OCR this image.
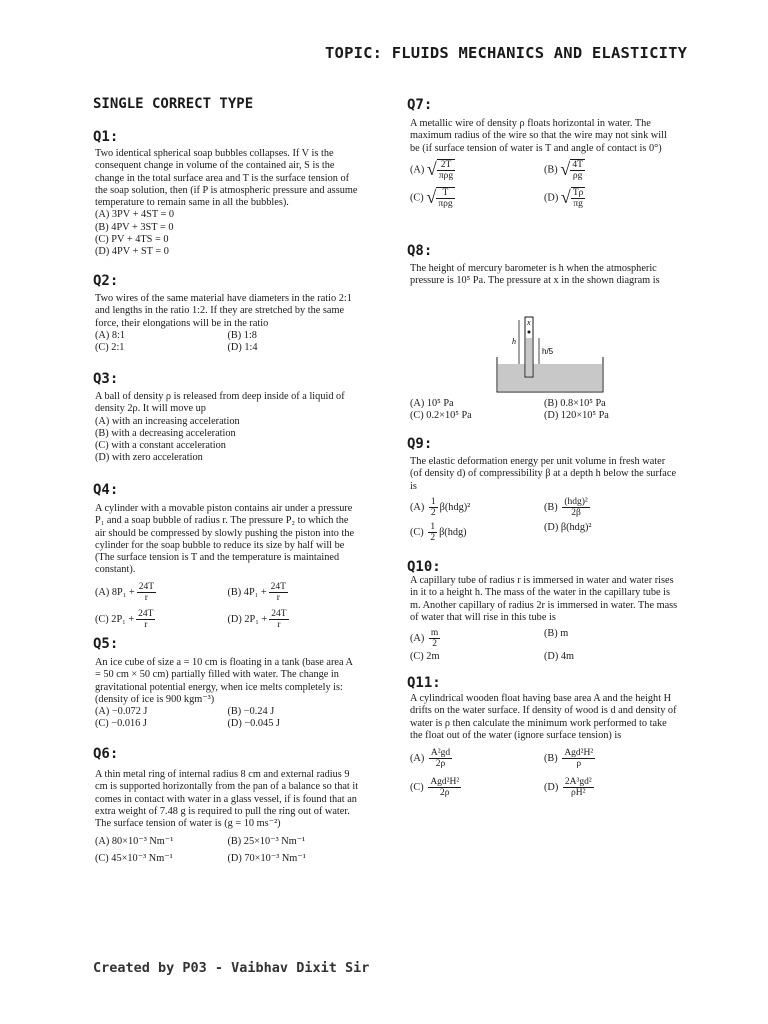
TOPIC: FLUIDS MECHANICS AND ELASTICITY
SINGLE CORRECT TYPE
Q1:

Two identical spherical soap bubbles collapses. If V is the consequent change in volume of the contained air, S is the change in the total surface area and T is the surface tension of the soap solution, then (if P is atmospheric pressure and assume temperature to remain same in all the bubbles).

(A) 3PV + 4ST = 0

(B) 4PV + 3ST = 0

(C) PV + 4TS = 0

(D) 4PV + ST = 0

Q2:

Two wires of the same material have diameters in the ratio 2:1 and lengths in the ratio 1:2. If they are stretched by the same force, their elongations will be in the ratio

(A) 8:1	(B) 1:8
(C) 2:1	(D) 1:4
Q3:

A ball of density ρ is released from deep inside of a liquid of density 2ρ. It will move up

(A) with an increasing acceleration

(B) with a decreasing acceleration

(C) with a constant acceleration

(D) with zero acceleration

Q4:

A cylinder with a movable piston contains air under a pressure P₁ and a soap bubble of radius r. The pressure P₂ to which the air should be compressed by slowly pushing the piston into the cylinder for the soap bubble to reduce its size by half will be (The surface tension is T and the temperature is maintained constant).

(A) $8P_1 + \frac{24T}{r}$	(B) $4P_1 + \frac{24T}{r}$
(C) $2P_1 + \frac{24T}{r}$	(D) $2P_1 + \frac{24T}{r}$
Q5:

An ice cube of size a = 10 cm is floating in a tank (base area A = 50 cm × 50 cm) partially filled with water. The change in gravitational potential energy, when ice melts completely is: (density of ice is 900 kgm⁻³)

(A) −0.072 J	(B) −0.24 J
(C) −0.016 J	(D) −0.045 J
Q6:

A thin metal ring of internal radius 8 cm and external radius 9 cm is supported horizontally from the pan of a balance so that it comes in contact with water in a glass vessel, if is found that an extra weight of 7.48 g is required to pull the ring out of water. The surface tension of water is (g = 10 ms⁻²)

(A) 80×10⁻³ Nm⁻¹	(B) 25×10⁻³ Nm⁻¹
(C) 45×10⁻³ Nm⁻¹	(D) 70×10⁻³ Nm⁻¹
Q7:

A metallic wire of density ρ floats horizontal in water. The maximum radius of the wire so that the wire may not sink will be (if surface tension of water is T and angle of contact is 0°)

(A) √ $\frac{2T}{\text{πρg}}$	(B) √ $\frac{4T}{\rho g}$
(C) √ $\frac{T}{\text{πρg}}$	(D) √ $\frac{T\rho}{\pi g}$
Q8:

The height of mercury barometer is h when the atmospheric pressure is 10⁵ Pa. The pressure at x in the shown diagram is

x
h
h/5
(A) 10⁵ Pa	(B) 0.8×10⁵ Pa
(C) 0.2×10⁵ Pa	(D) 120×10⁵ Pa
Q9:

The elastic deformation energy per unit volume in fresh water (of density d) of compressibility β at a depth h below the surface is

$(A) \frac{1}{2} \beta(hdg)^2$	$(B) \frac{\text{(hdg)²}}{2\beta}$
$(C) \frac{1}{2} \beta(hdg)$	(D) β(hdg)²
Q10:

A capillary tube of radius r is immersed in water and water rises in it to a height h. The mass of the water in the capillary tube is m. Another capillary of radius 2r is immersed in water. The mass of water that will rise in this tube is

$(A) \frac{m}{2}$	(B) m
(C) 2m	(D) 4m
Q11:

A cylindrical wooden float having base area A and the height H drifts on the water surface. If density of wood is d and density of water is ρ then calculate the minimum work performed to take the float out of the water (ignore surface tension) is

$(A) \frac{\text{A²gd}}{2\rho}$	$(B) \frac{\text{Agd²H²}}{\rho}$
$(C) \frac{\text{Agd²H²}}{2\rho}$	$(D) \frac{\text{2A³gd²}}{\text{ρH²}}$
Created by P03 - Vaibhav Dixit Sir
